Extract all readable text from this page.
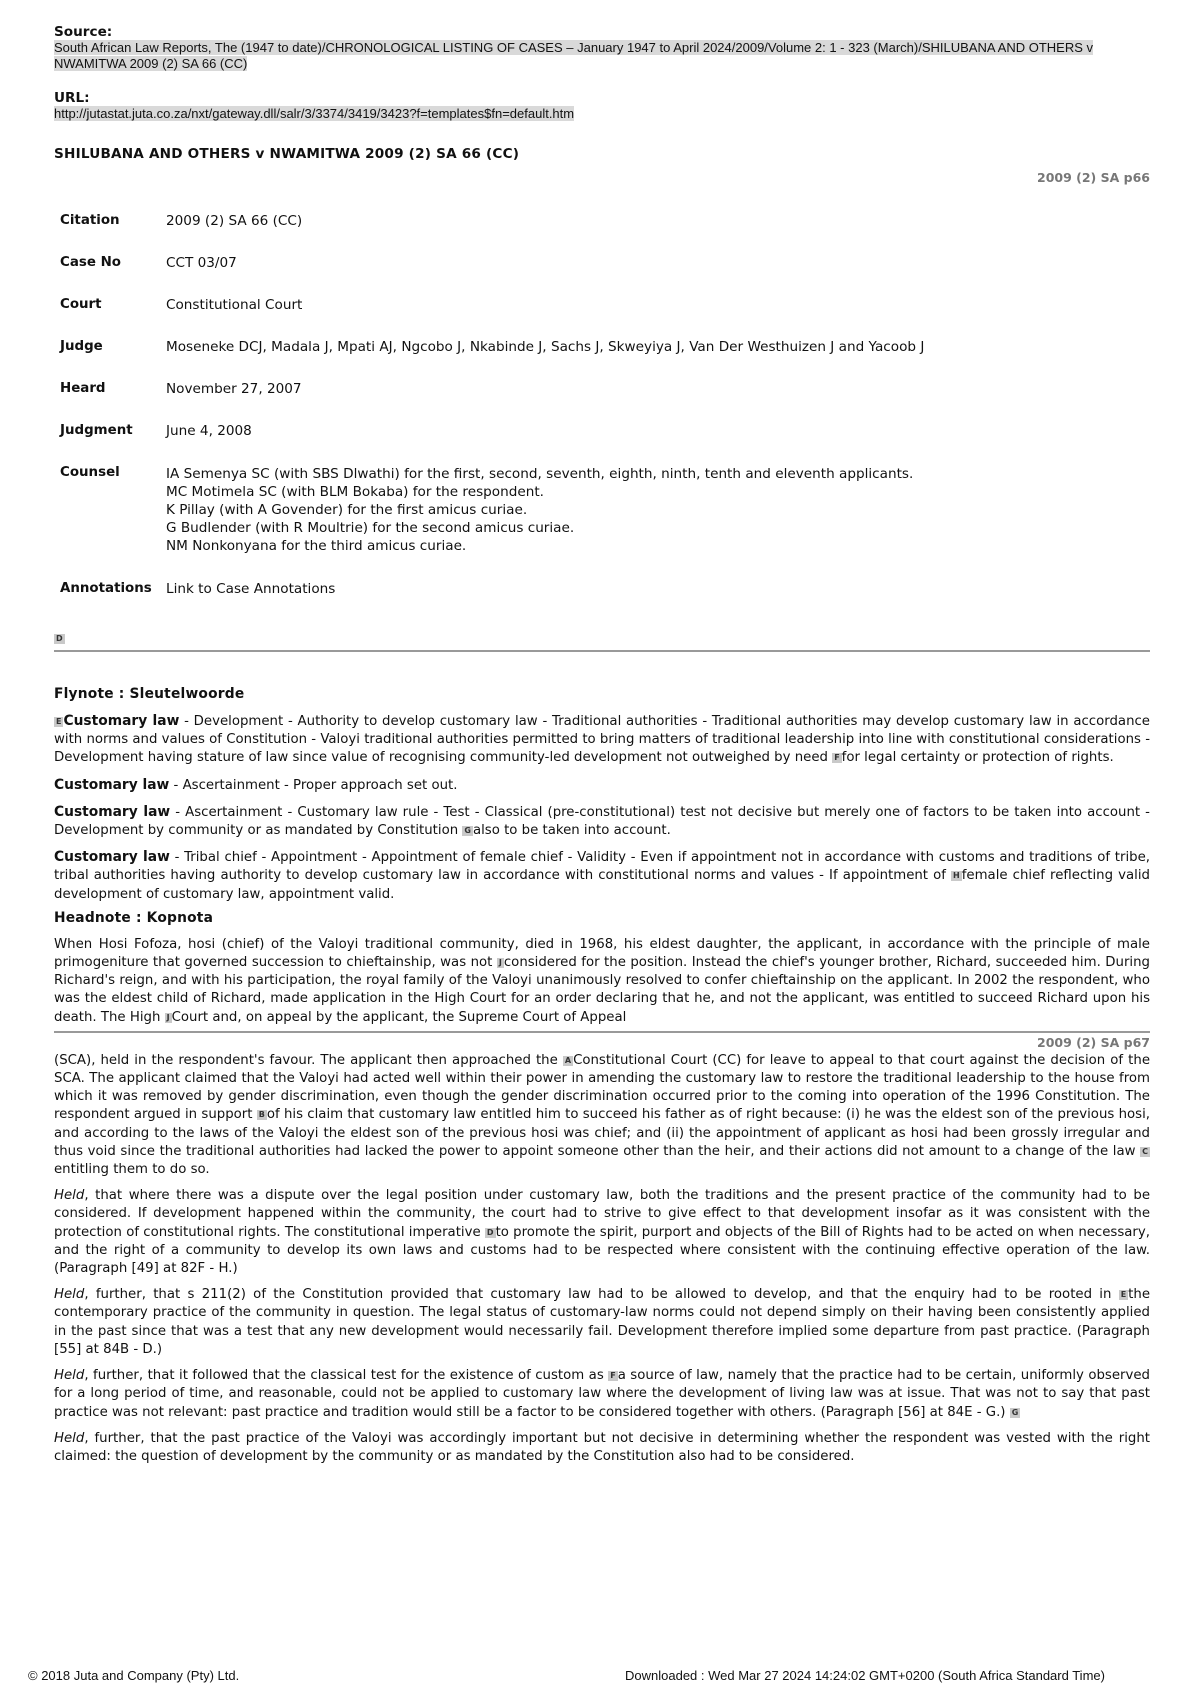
Source:
South African Law Reports, The (1947 to date)/CHRONOLOGICAL LISTING OF CASES – January 1947 to April 2024/2009/Volume 2: 1 - 323 (March)/SHILUBANA AND OTHERS v NWAMITWA 2009 (2) SA 66 (CC)
URL:
http://jutastat.juta.co.za/nxt/gateway.dll/salr/3/3374/3419/3423?f=templates$fn=default.htm
SHILUBANA AND OTHERS v NWAMITWA 2009 (2) SA 66 (CC)
2009 (2) SA p66
Citation	2009 (2) SA 66 (CC)
Case No	CCT 03/07
Court	Constitutional Court
Judge	Moseneke DCJ, Madala J, Mpati AJ, Ngcobo J, Nkabinde J, Sachs J, Skweyiya J, Van Der Westhuizen J and Yacoob J
Heard	November 27, 2007
Judgment	June 4, 2008
Counsel	IA Semenya SC (with SBS Dlwathi) for the first, second, seventh, eighth, ninth, tenth and eleventh applicants.
MC Motimela SC (with BLM Bokaba) for the respondent.
K Pillay (with A Govender) for the first amicus curiae.
G Budlender (with R Moultrie) for the second amicus curiae.
NM Nonkonyana for the third amicus curiae.

Annotations	Link to Case Annotations
D
Flynote : Sleutelwoorde

E Customary law - Development - Authority to develop customary law - Traditional authorities - Traditional authorities may develop customary law in accordance with norms and values of Constitution - Valoyi traditional authorities permitted to bring matters of traditional leadership into line with constitutional considerations - Development having stature of law since value of recognising community-led development not outweighed by need F for legal certainty or protection of rights.

Customary law - Ascertainment - Proper approach set out.

Customary law - Ascertainment - Customary law rule - Test - Classical (pre-constitutional) test not decisive but merely one of factors to be taken into account - Development by community or as mandated by Constitution G also to be taken into account.

Customary law - Tribal chief - Appointment - Appointment of female chief - Validity - Even if appointment not in accordance with customs and traditions of tribe, tribal authorities having authority to develop customary law in accordance with constitutional norms and values - If appointment of H female chief reflecting valid development of customary law, appointment valid.

Headnote : Kopnota

When Hosi Fofoza, hosi (chief) of the Valoyi traditional community, died in 1968, his eldest daughter, the applicant, in accordance with the principle of male primogeniture that governed succession to chieftainship, was not J considered for the position. Instead the chief's younger brother, Richard, succeeded him. During Richard's reign, and with his participation, the royal family of the Valoyi unanimously resolved to confer chieftainship on the applicant. In 2002 the respondent, who was the eldest child of Richard, made application in the High Court for an order declaring that he, and not the applicant, was entitled to succeed Richard upon his death. The High J Court and, on appeal by the applicant, the Supreme Court of Appeal

2009 (2) SA p67

(SCA), held in the respondent's favour. The applicant then approached the A Constitutional Court (CC) for leave to appeal to that court against the decision of the SCA. The applicant claimed that the Valoyi had acted well within their power in amending the customary law to restore the traditional leadership to the house from which it was removed by gender discrimination, even though the gender discrimination occurred prior to the coming into operation of the 1996 Constitution. The respondent argued in support B of his claim that customary law entitled him to succeed his father as of right because: (i) he was the eldest son of the previous hosi, and according to the laws of the Valoyi the eldest son of the previous hosi was chief; and (ii) the appointment of applicant as hosi had been grossly irregular and thus void since the traditional authorities had lacked the power to appoint someone other than the heir, and their actions did not amount to a change of the law Centitling them to do so.

Held, that where there was a dispute over the legal position under customary law, both the traditions and the present practice of the community had to be considered. If development happened within the community, the court had to strive to give effect to that development insofar as it was consistent with the protection of constitutional rights. The constitutional imperative D to promote the spirit, purport and objects of the Bill of Rights had to be acted on when necessary, and the right of a community to develop its own laws and customs had to be respected where consistent with the continuing effective operation of the law. (Paragraph [49] at 82F - H.)

Held, further, that s 211(2) of the Constitution provided that customary law had to be allowed to develop, and that the enquiry had to be rooted in E the contemporary practice of the community in question. The legal status of customary-law norms could not depend simply on their having been consistently applied in the past since that was a test that any new development would necessarily fail. Development therefore implied some departure from past practice. (Paragraph [55] at 84B - D.)

Held, further, that it followed that the classical test for the existence of custom as F a source of law, namely that the practice had to be certain, uniformly observed for a long period of time, and reasonable, could not be applied to customary law where the development of living law was at issue. That was not to say that past practice was not relevant: past practice and tradition would still be a factor to be considered together with others. (Paragraph [56] at 84E - G.) G

Held, further, that the past practice of the Valoyi was accordingly important but not decisive in determining whether the respondent was vested with the right claimed: the question of development by the community or as mandated by the Constitution also had to be considered.

© 2018 Juta and Company (Pty) Ltd.	Downloaded : Wed Mar 27 2024 14:24:02 GMT+0200 (South Africa Standard Time)
